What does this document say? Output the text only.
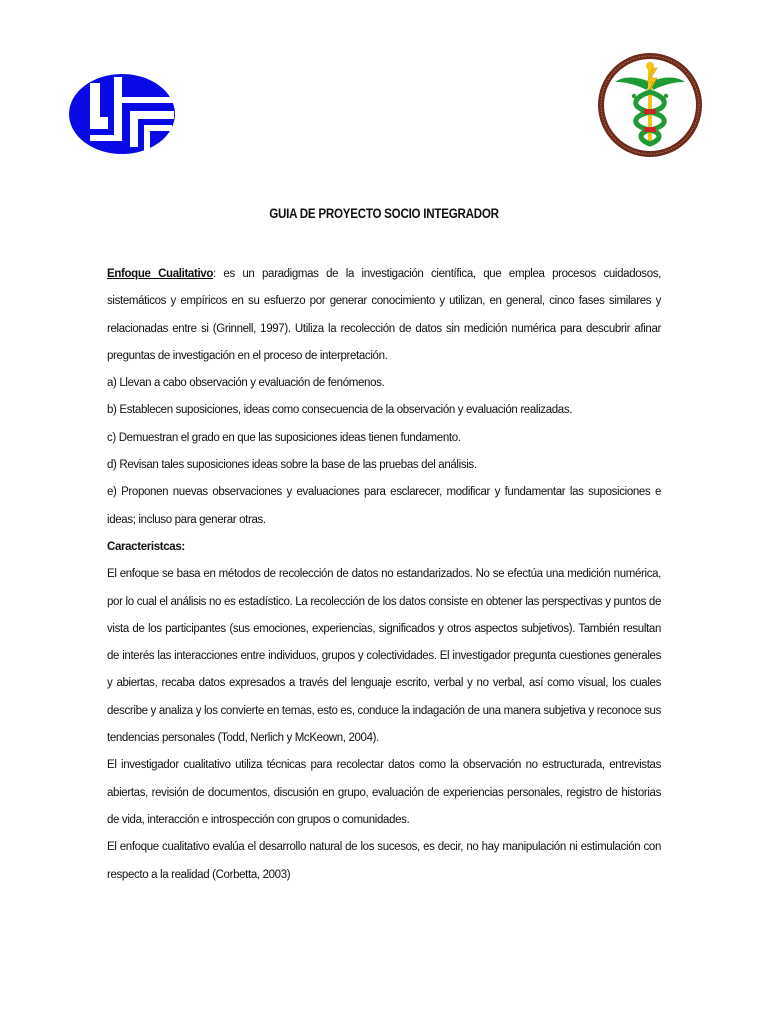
GUIA DE PROYECTO SOCIO INTEGRADOR
Enfoque Cualitativo: es un paradigmas de la investigación científica, que emplea procesos cuidadosos,
sistemáticos y empíricos en su esfuerzo por generar conocimiento y utilizan, en general, cinco fases similares y
relacionadas entre si (Grinnell, 1997). Utiliza la recolección de datos sin medición numérica para descubrir afinar
preguntas de investigación en el proceso de interpretación.
a) Llevan a cabo observación y evaluación de fenómenos.
b) Establecen suposiciones, ideas como consecuencia de la observación y evaluación realizadas.
c) Demuestran el grado en que las suposiciones ideas tienen fundamento.
d) Revisan tales suposiciones ideas sobre la base de las pruebas del análisis.
e) Proponen nuevas observaciones y evaluaciones para esclarecer, modificar y fundamentar las suposiciones e
ideas; incluso para generar otras.
Caracteristcas:
El enfoque se basa en métodos de recolección de datos no estandarizados. No se efectúa una medición numérica,
por lo cual el análisis no es estadístico. La recolección de los datos consiste en obtener las perspectivas y puntos de
vista de los participantes (sus emociones, experiencias, significados y otros aspectos subjetivos). También resultan
de interés las interacciones entre individuos, grupos y colectividades. El investigador pregunta cuestiones generales
y abiertas, recaba datos expresados a través del lenguaje escrito, verbal y no verbal, así como visual, los cuales
describe y analiza y los convierte en temas, esto es, conduce la indagación de una manera subjetiva y reconoce sus
tendencias personales (Todd, Nerlich y McKeown, 2004).
El investigador cualitativo utiliza técnicas para recolectar datos como la observación no estructurada, entrevistas
abiertas, revisión de documentos, discusión en grupo, evaluación de experiencias personales, registro de historias
de vida, interacción e introspección con grupos o comunidades.
El enfoque cualitativo evalúa el desarrollo natural de los sucesos, es decir, no hay manipulación ni estimulación con
respecto a la realidad (Corbetta, 2003)
